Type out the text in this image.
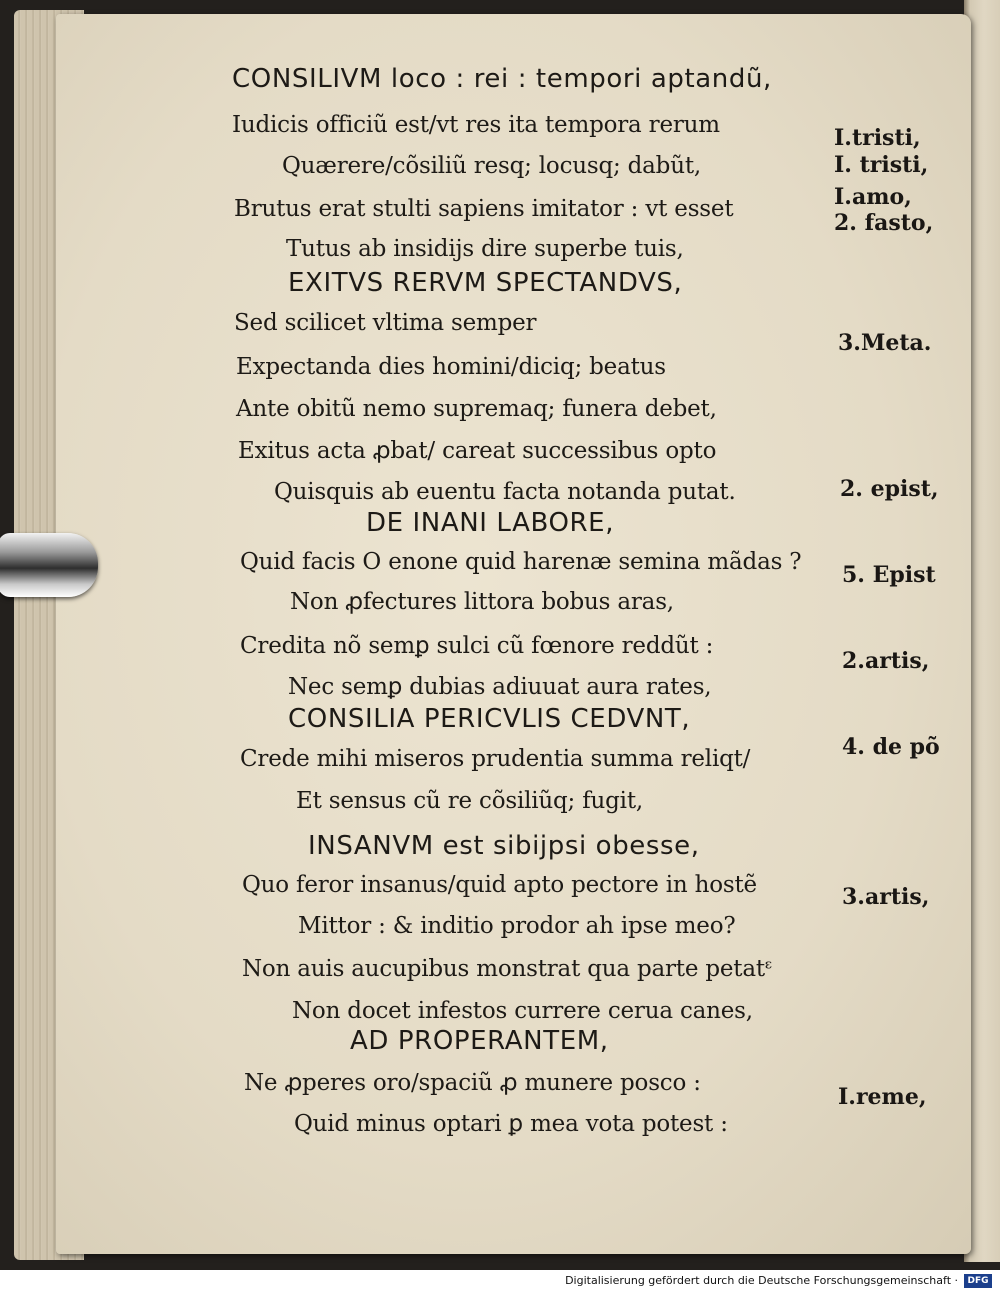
CONSILIVM loco : rei : tempori aptandũ,
Iudicis officiũ est/vt res ita tempora rerum
Quærere/cõsiliũ resq; locusq; dabũt,
Brutus erat stulti sapiens imitator : vt esset
Tutus ab insidijs dire superbe tuis,
EXITVS RERVM SPECTANDVS,
Sed scilicet vltima semper
Expectanda dies homini/diciq; beatus
Ante obitũ nemo supremaq; funera debet,
Exitus acta ꝓbat/ careat successibus opto
Quisquis ab euentu facta notanda putat.
DE INANI LABORE,
Quid facis O enone quid harenæ semina mãdas ?
Non ꝓfectures littora bobus aras,
Credita nõ semꝑ sulci cũ fœnore reddũt :
Nec semꝑ dubias adiuuat aura rates,
CONSILIA PERICVLIS CEDVNT,
Crede mihi miseros prudentia summa reliqt/
Et sensus cũ re cõsiliũq; fugit,
INSANVM est sibijpsi obesse,
Quo feror insanus/quid apto pectore in hostẽ
Mittor : & inditio prodor ah ipse meo?
Non auis aucupibus monstrat qua parte petatᵋ
Non docet infestos currere cerua canes,
AD PROPERANTEM,
Ne ꝓperes oro/spaciũ ꝓ munere posco :
Quid minus optari ꝑ mea vota potest :
I.tristi,
I. tristi,
I.amo,
2. fasto,
3.Meta.
2. epist,
5. Epist
2.artis,
4. de põ
3.artis,
I.reme,
Digitalisierung gefördert durch die Deutsche Forschungsgemeinschaft ·	DFG
